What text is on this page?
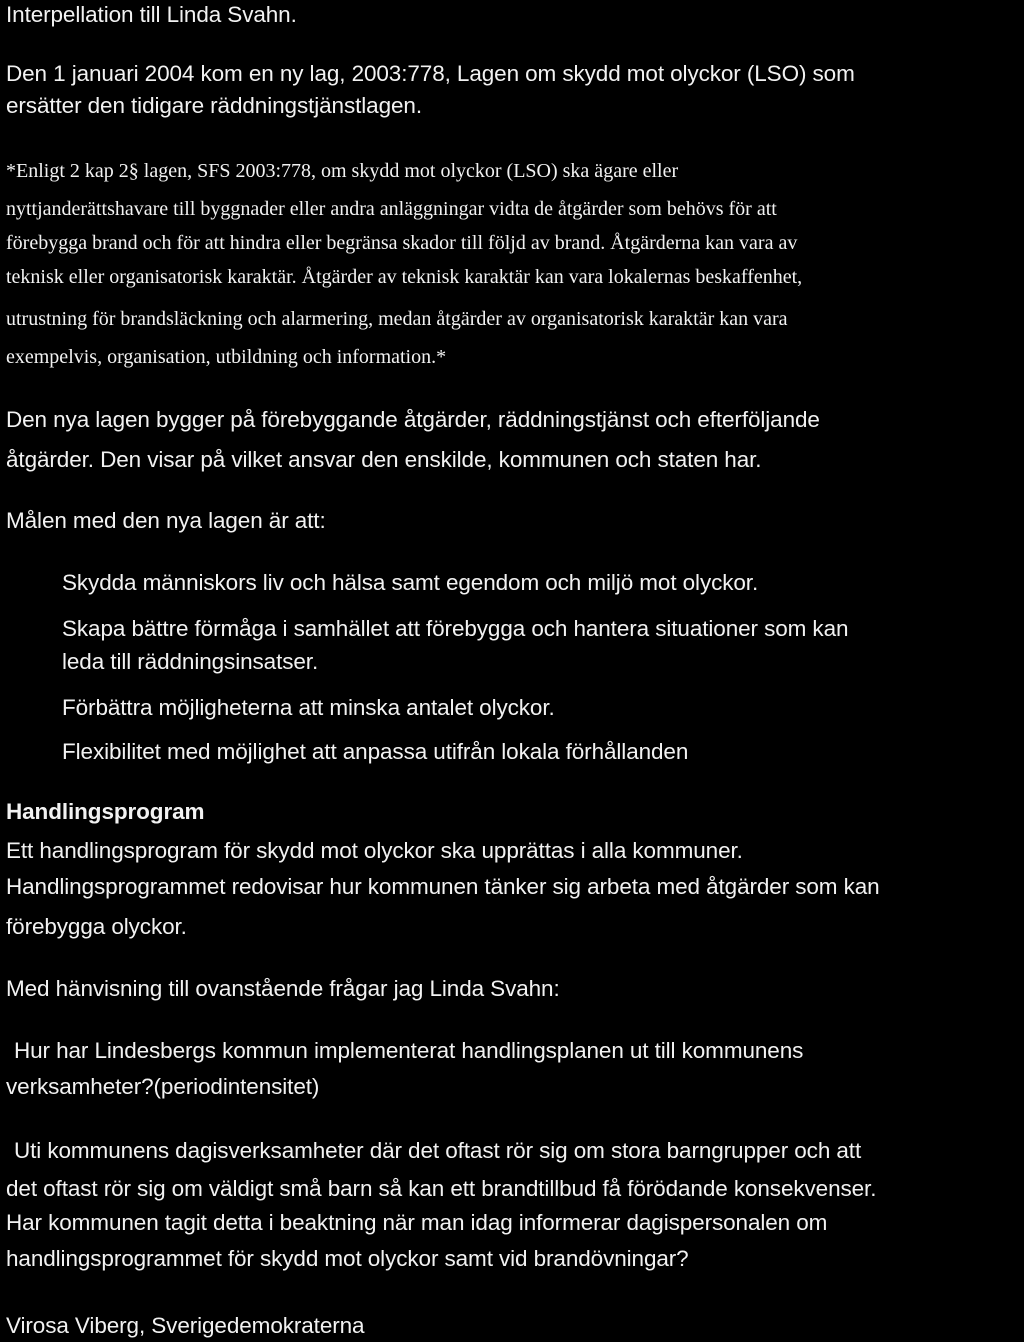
Interpellation till Linda Svahn.
Den 1 januari 2004 kom en ny lag, 2003:778, Lagen om skydd mot olyckor (LSO) som
ersätter den tidigare räddningstjänstlagen.
*Enligt 2 kap 2§ lagen, SFS 2003:778, om skydd mot olyckor (LSO) ska ägare eller
nyttjanderättshavare till byggnader eller andra anläggningar vidta de åtgärder som behövs för att
förebygga brand och för att hindra eller begränsa skador till följd av brand. Åtgärderna kan vara av
teknisk eller organisatorisk karaktär. Åtgärder av teknisk karaktär kan vara lokalernas beskaffenhet,
utrustning för brandsläckning och alarmering, medan åtgärder av organisatorisk karaktär kan vara
exempelvis, organisation, utbildning och information.*
Den nya lagen bygger på förebyggande åtgärder, räddningstjänst och efterföljande
åtgärder. Den visar på vilket ansvar den enskilde, kommunen och staten har.
Målen med den nya lagen är att:
Skydda människors liv och hälsa samt egendom och miljö mot olyckor.
Skapa bättre förmåga i samhället att förebygga och hantera situationer som kan
leda till räddningsinsatser.
Förbättra möjligheterna att minska antalet olyckor.
Flexibilitet med möjlighet att anpassa utifrån lokala förhållanden
Handlingsprogram
Ett handlingsprogram för skydd mot olyckor ska upprättas i alla kommuner.
Handlingsprogrammet redovisar hur kommunen tänker sig arbeta med åtgärder som kan
förebygga olyckor.
Med hänvisning till ovanstående frågar jag Linda Svahn:
Hur har Lindesbergs kommun implementerat handlingsplanen ut till kommunens
verksamheter?(periodintensitet)
Uti kommunens dagisverksamheter där det oftast rör sig om stora barngrupper och att
det oftast rör sig om väldigt små barn så kan ett brandtillbud få förödande konsekvenser.
Har kommunen tagit detta i beaktning när man idag informerar dagispersonalen om
handlingsprogrammet för skydd mot olyckor samt vid brandövningar?
Virosa Viberg, Sverigedemokraterna
